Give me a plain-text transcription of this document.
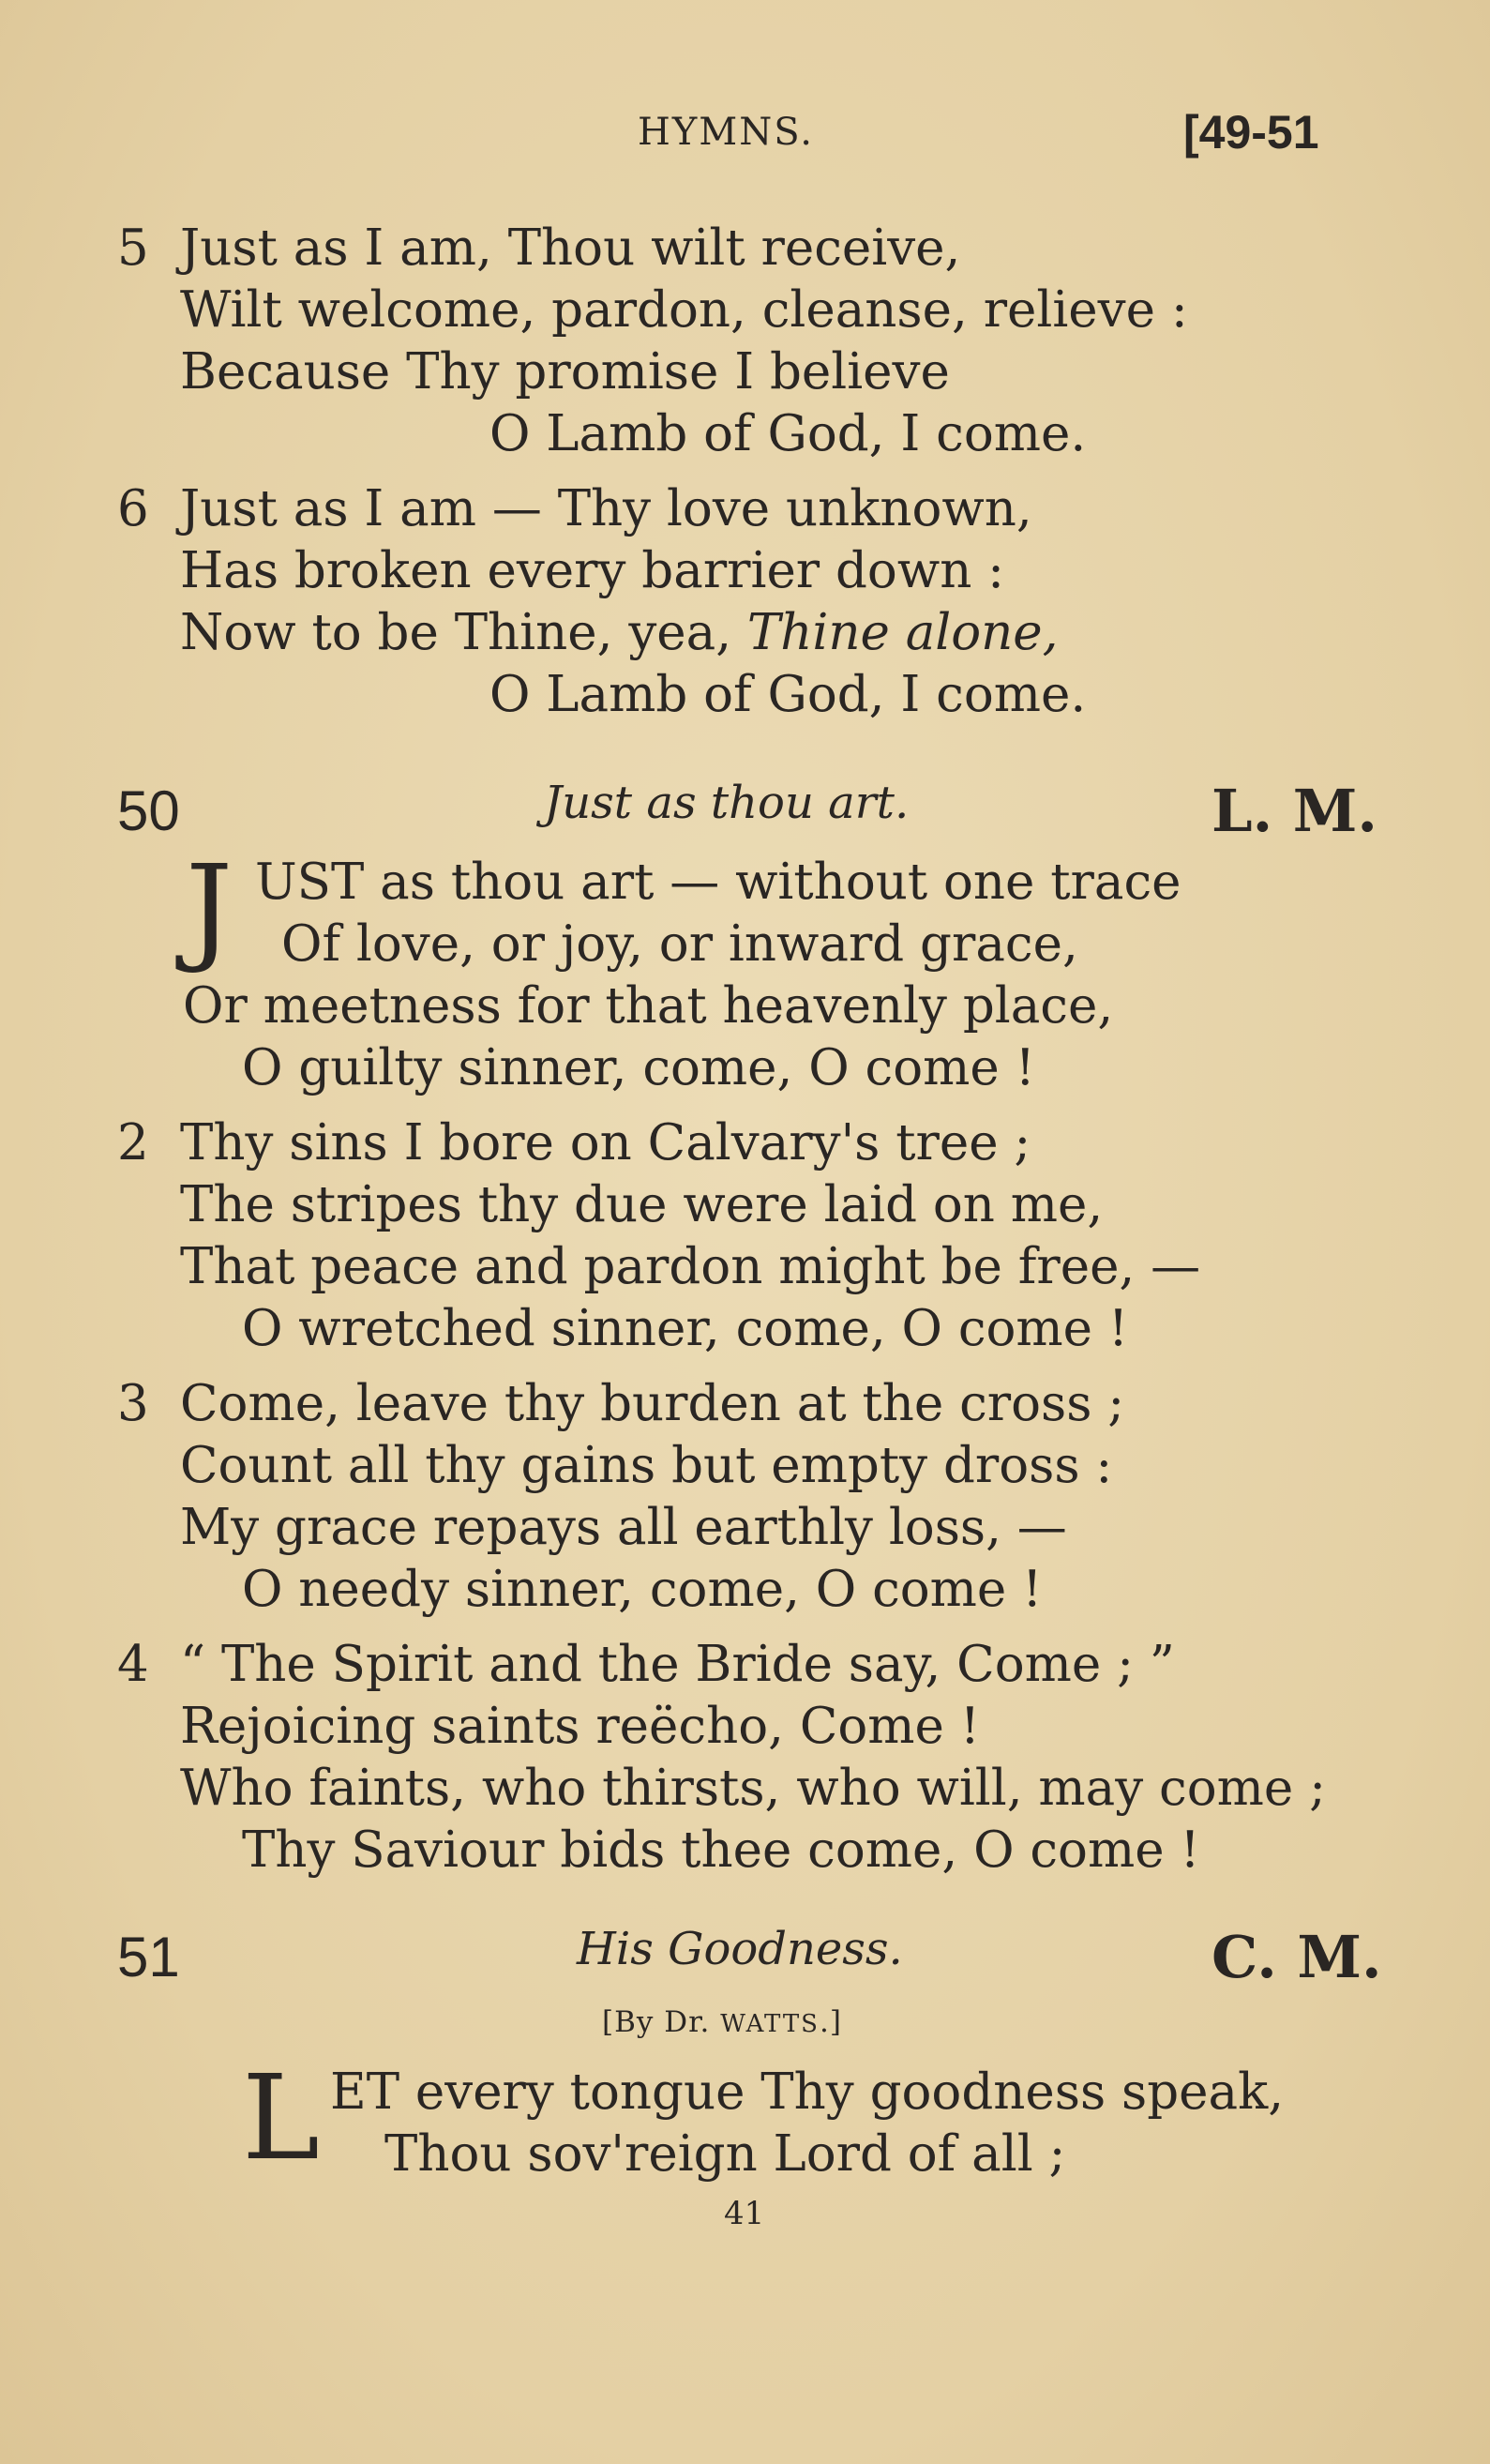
HYMNS.	[49-51
5 Just as I am, Thou wilt receive,
Wilt welcome, pardon, cleanse, relieve :
Because Thy promise I believe
O Lamb of God, I come.
6 Just as I am — Thy love unknown,
Has broken every barrier down :
Now to be Thine, yea, Thine alone,
O Lamb of God, I come.
50	Just as thou art.	L. M.
J UST as thou art — without one trace
Of love, or joy, or inward grace,
Or meetness for that heavenly place,
O guilty sinner, come, O come !
2 Thy sins I bore on Calvary's tree ;
The stripes thy due were laid on me,
That peace and pardon might be free, —
O wretched sinner, come, O come !
3 Come, leave thy burden at the cross ;
Count all thy gains but empty dross :
My grace repays all earthly loss, —
O needy sinner, come, O come !
4 “ The Spirit and the Bride say, Come ; ”
Rejoicing saints reëcho, Come !
Who faints, who thirsts, who will, may come ;
Thy Saviour bids thee come, O come !
51	His Goodness.	C. M.
[By Dr. WATTS.]
L ET every tongue Thy goodness speak,
Thou sov'reign Lord of all ;
41
